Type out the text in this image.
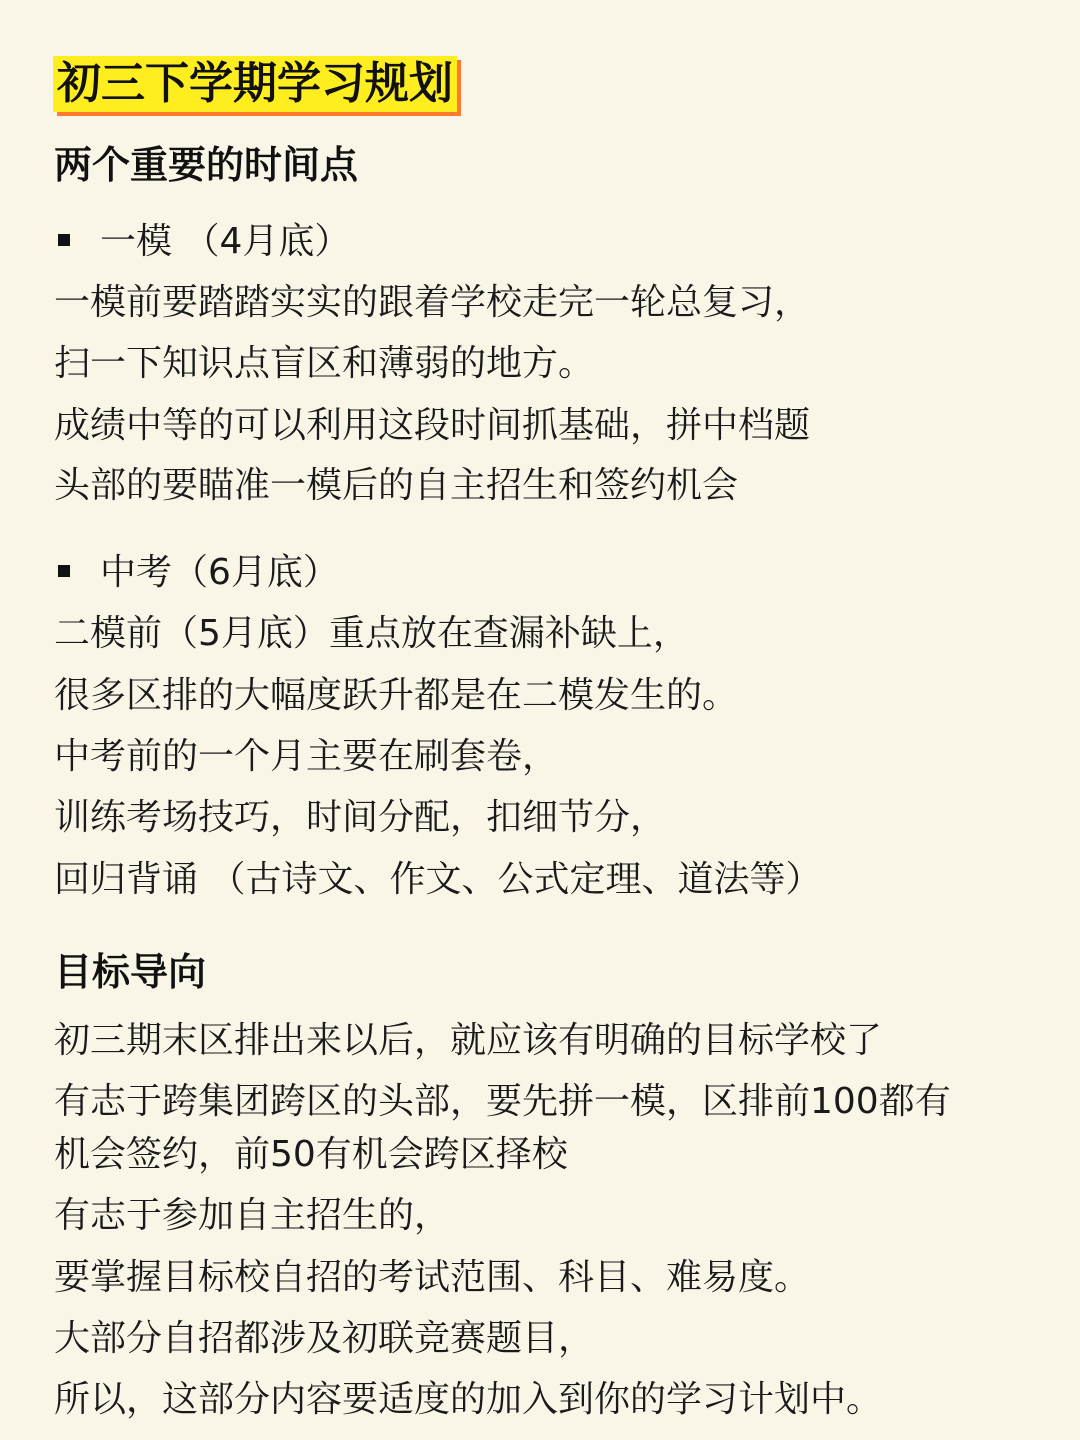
初三下学期学习规划
两个重要的时间点
一模 （4月底）
一模前要踏踏实实的跟着学校走完一轮总复习，
扫一下知识点盲区和薄弱的地方。
成绩中等的可以利用这段时间抓基础，拼中档题
头部的要瞄准一模后的自主招生和签约机会
中考（6月底）
二模前（5月底）重点放在查漏补缺上，
很多区排的大幅度跃升都是在二模发生的。
中考前的一个月主要在刷套卷，
训练考场技巧，时间分配，扣细节分，
回归背诵 （古诗文、作文、公式定理、道法等）
目标导向
初三期末区排出来以后，就应该有明确的目标学校了
有志于跨集团跨区的头部，要先拼一模，区排前100都有
机会签约，前50有机会跨区择校
有志于参加自主招生的，
要掌握目标校自招的考试范围、科目、难易度。
大部分自招都涉及初联竞赛题目，
所以，这部分内容要适度的加入到你的学习计划中。
